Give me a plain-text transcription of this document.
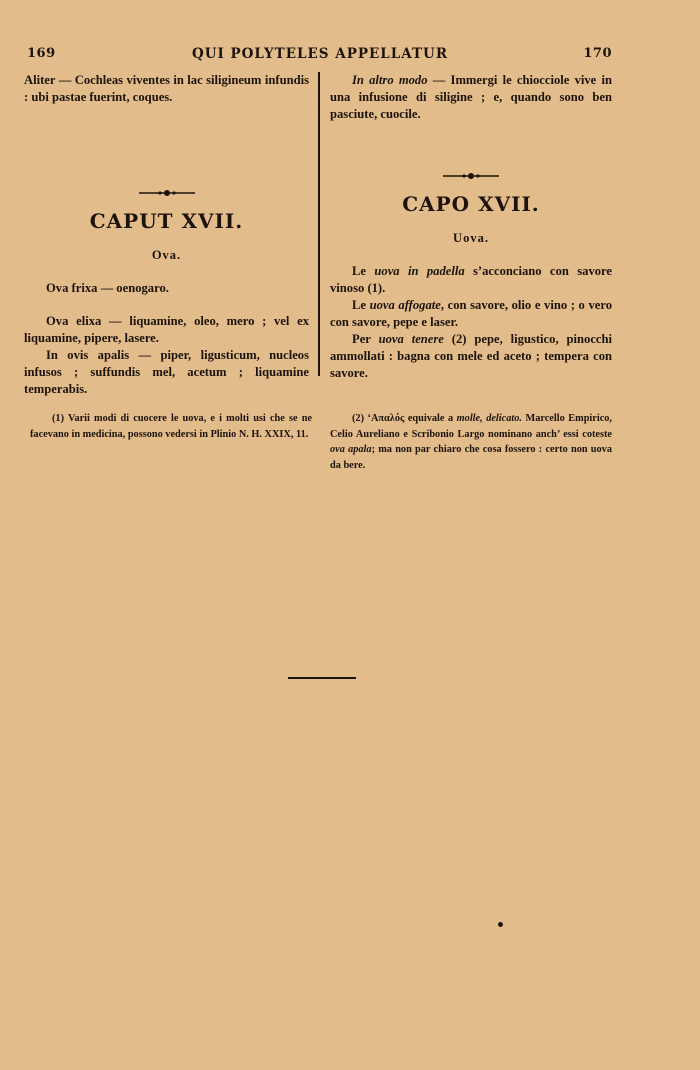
169	QUI POLYTELES APPELLATUR	170

Aliter — Cochleas viventes in lac siligineum infundis : ubi pastae fuerint, coques.

CAPUT XVII.
Ova.

Ova frixa — oenogaro.

Ova elixa — liquamine, oleo, mero ; vel ex liquamine, pipere, lasere.

In ovis apalis — piper, ligusticum, nucleos infusos ; suffundis mel, acetum ; liquamine temperabis.

In altro modo — Immergi le chiocciole vive in una infusione di siligine ; e, quando sono ben pasciute, cuocile.

CAPO XVII.
Uova.

Le uova in padella s’acconciano con savore vinoso (1).

Le uova affogate, con savore, olio e vino ; o vero con savore, pepe e laser.

Per uova tenere (2) pepe, ligustico, pinocchi ammollati : bagna con mele ed aceto ; tempera con savore.

(1) Varii modi di cuocere le uova, e i molti usi che se ne facevano in medicina, possono vedersi in Plinio N. H. XXIX, 11.

(2) ‘Απαλός equivale a molle, delicato. Marcello Empirico, Celio Aureliano e Scribonio Largo nominano anch’ essi coteste ova apala; ma non par chiaro che cosa fossero : certo non uova da bere.
